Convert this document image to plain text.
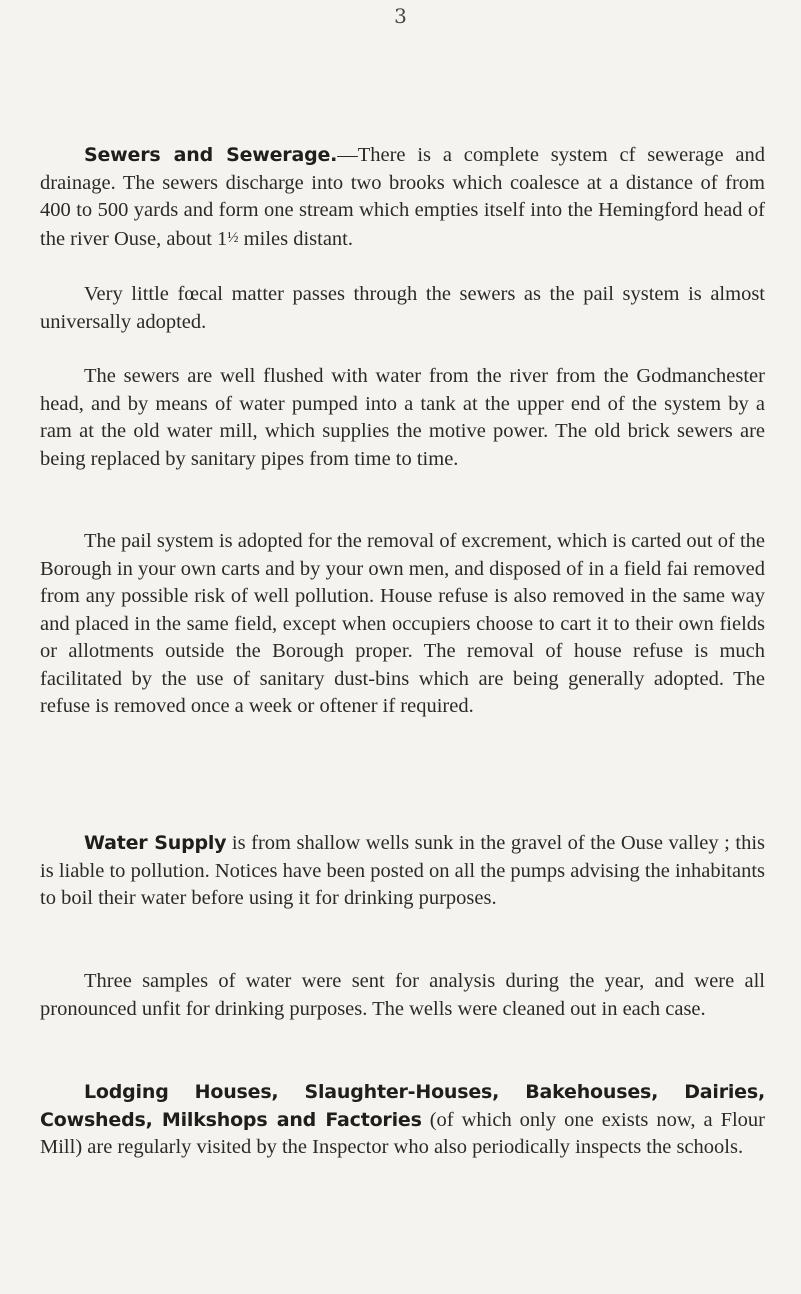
3

Sewers and Sewerage.—There is a complete system cf sewerage and drainage. The sewers discharge into two brooks which coalesce at a distance of from 400 to 500 yards and form one stream which empties itself into the Hemingford head of the river Ouse, about 1½ miles distant.

Very little fœcal matter passes through the sewers as the pail system is almost universally adopted.

The sewers are well flushed with water from the river from the Godmanchester head, and by means of water pumped into a tank at the upper end of the system by a ram at the old water mill, which supplies the motive power. The old brick sewers are being replaced by sanitary pipes from time to time.

The pail system is adopted for the removal of excrement, which is carted out of the Borough in your own carts and by your own men, and disposed of in a field fai removed from any possible risk of well pollution. House refuse is also removed in the same way and placed in the same field, except when occupiers choose to cart it to their own fields or allotments outside the Borough proper. The removal of house refuse is much facilitated by the use of sanitary dust-bins which are being generally adopted. The refuse is removed once a week or oftener if required.

Water Supply is from shallow wells sunk in the gravel of the Ouse valley ; this is liable to pollution. Notices have been posted on all the pumps advising the inhabitants to boil their water before using it for drinking purposes.

Three samples of water were sent for analysis during the year, and were all pronounced unfit for drinking purposes. The wells were cleaned out in each case.

Lodging Houses, Slaughter-Houses, Bakehouses, Dairies, Cowsheds, Milkshops and Factories (of which only one exists now, a Flour Mill) are regularly visited by the Inspector who also periodically inspects the schools.
